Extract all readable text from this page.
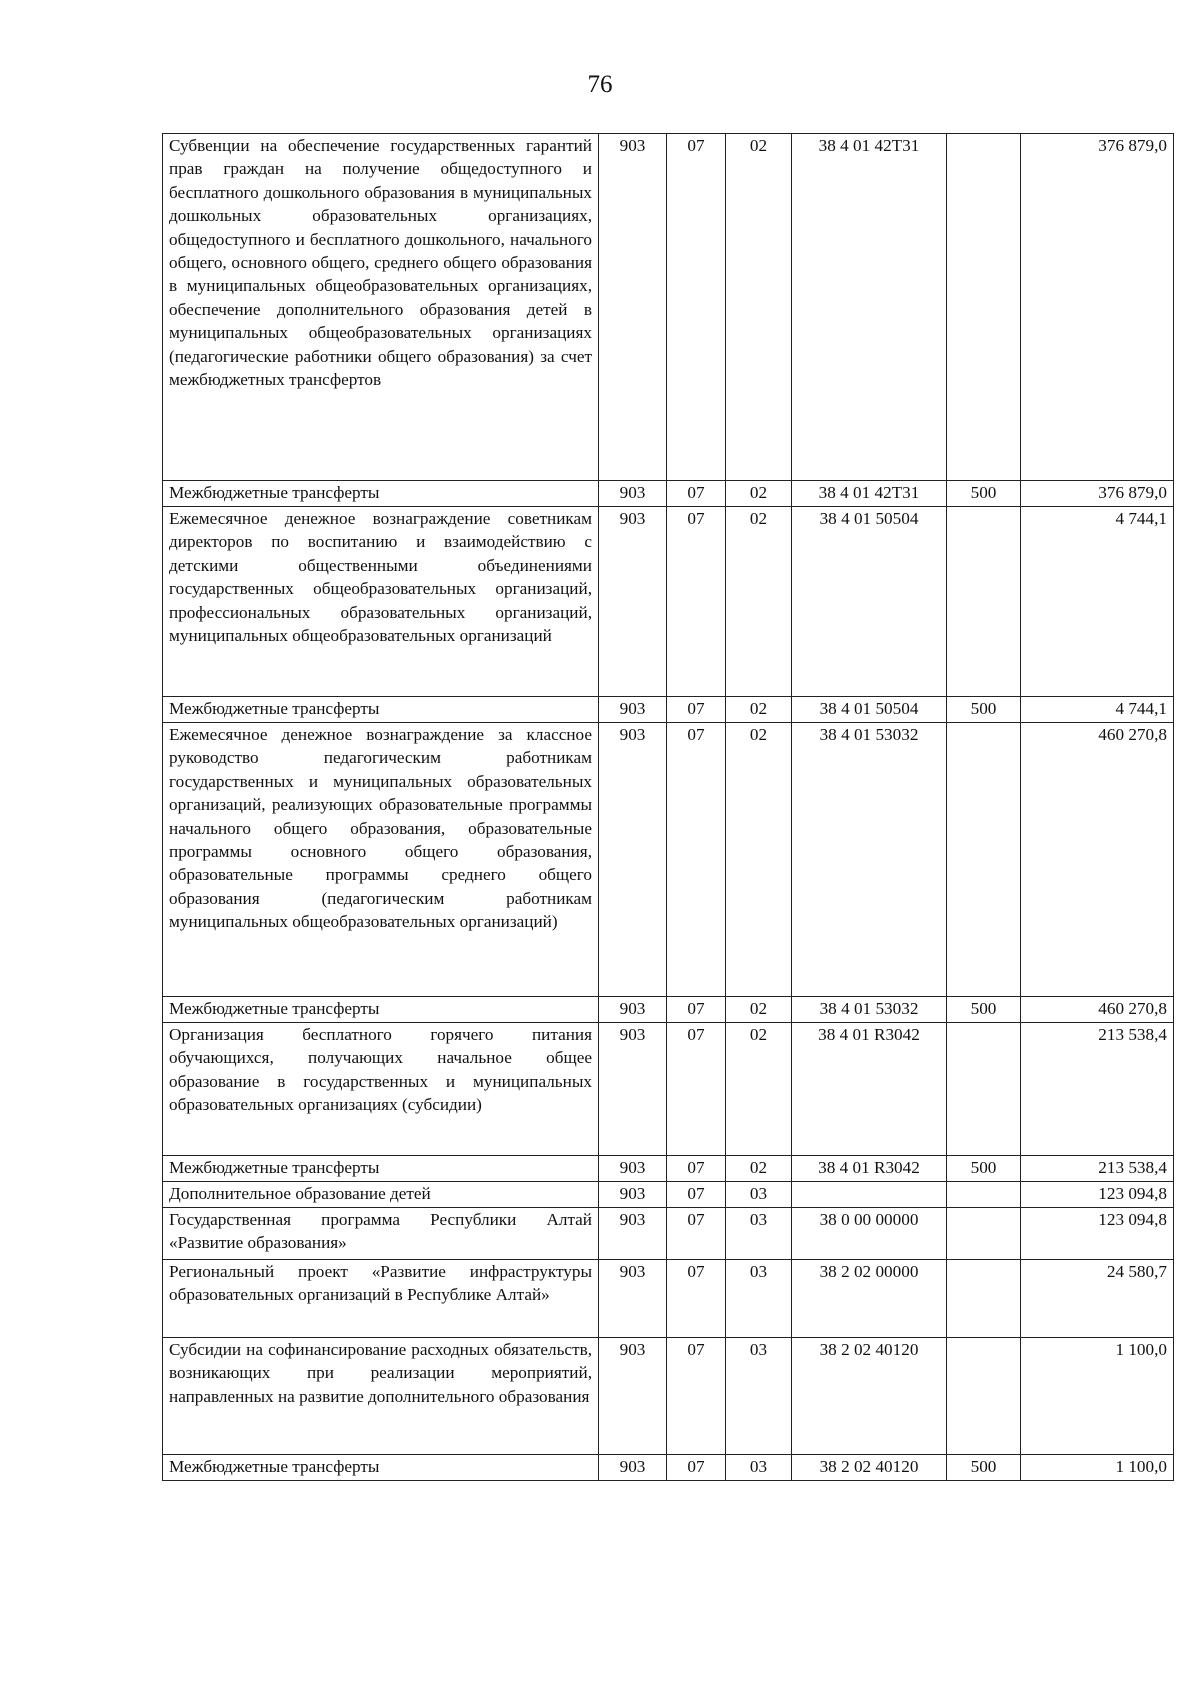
76
Субвенции на обеспечение государственных гарантий прав граждан на получение общедоступного и бесплатного дошкольного образования в муниципальных дошкольных образовательных организациях, общедоступного и бесплатного дошкольного, начального общего, основного общего, среднего общего образования в муниципальных общеобразовательных организациях, обеспечение дополнительного образования детей в муниципальных общеобразовательных организациях (педагогические работники общего образования) за счет межбюджетных трансфертов	903	07	02	38 4 01 42Т31		376 879,0
Межбюджетные трансферты	903	07	02	38 4 01 42Т31	500	376 879,0
Ежемесячное денежное вознаграждение советникам директоров по воспитанию и взаимодействию с детскими общественными объединениями государственных общеобразовательных организаций, профессиональных образовательных организаций, муниципальных общеобразовательных организаций	903	07	02	38 4 01 50504		4 744,1
Межбюджетные трансферты	903	07	02	38 4 01 50504	500	4 744,1
Ежемесячное денежное вознаграждение за классное руководство педагогическим работникам государственных и муниципальных образовательных организаций, реализующих образовательные программы начального общего образования, образовательные программы основного общего образования, образовательные программы среднего общего образования (педагогическим работникам муниципальных общеобразовательных организаций)	903	07	02	38 4 01 53032		460 270,8
Межбюджетные трансферты	903	07	02	38 4 01 53032	500	460 270,8
Организация бесплатного горячего питания обучающихся, получающих начальное общее образование в государственных и муниципальных образовательных организациях (субсидии)	903	07	02	38 4 01 R3042		213 538,4
Межбюджетные трансферты	903	07	02	38 4 01 R3042	500	213 538,4
Дополнительное образование детей	903	07	03			123 094,8
Государственная программа Республики Алтай «Развитие образования»	903	07	03	38 0 00 00000		123 094,8
Региональный проект «Развитие инфраструктуры образовательных организаций в Республике Алтай»	903	07	03	38 2 02 00000		24 580,7
Субсидии на софинансирование расходных обязательств, возникающих при реализации мероприятий, направленных на развитие дополнительного образования	903	07	03	38 2 02 40120		1 100,0
Межбюджетные трансферты	903	07	03	38 2 02 40120	500	1 100,0
